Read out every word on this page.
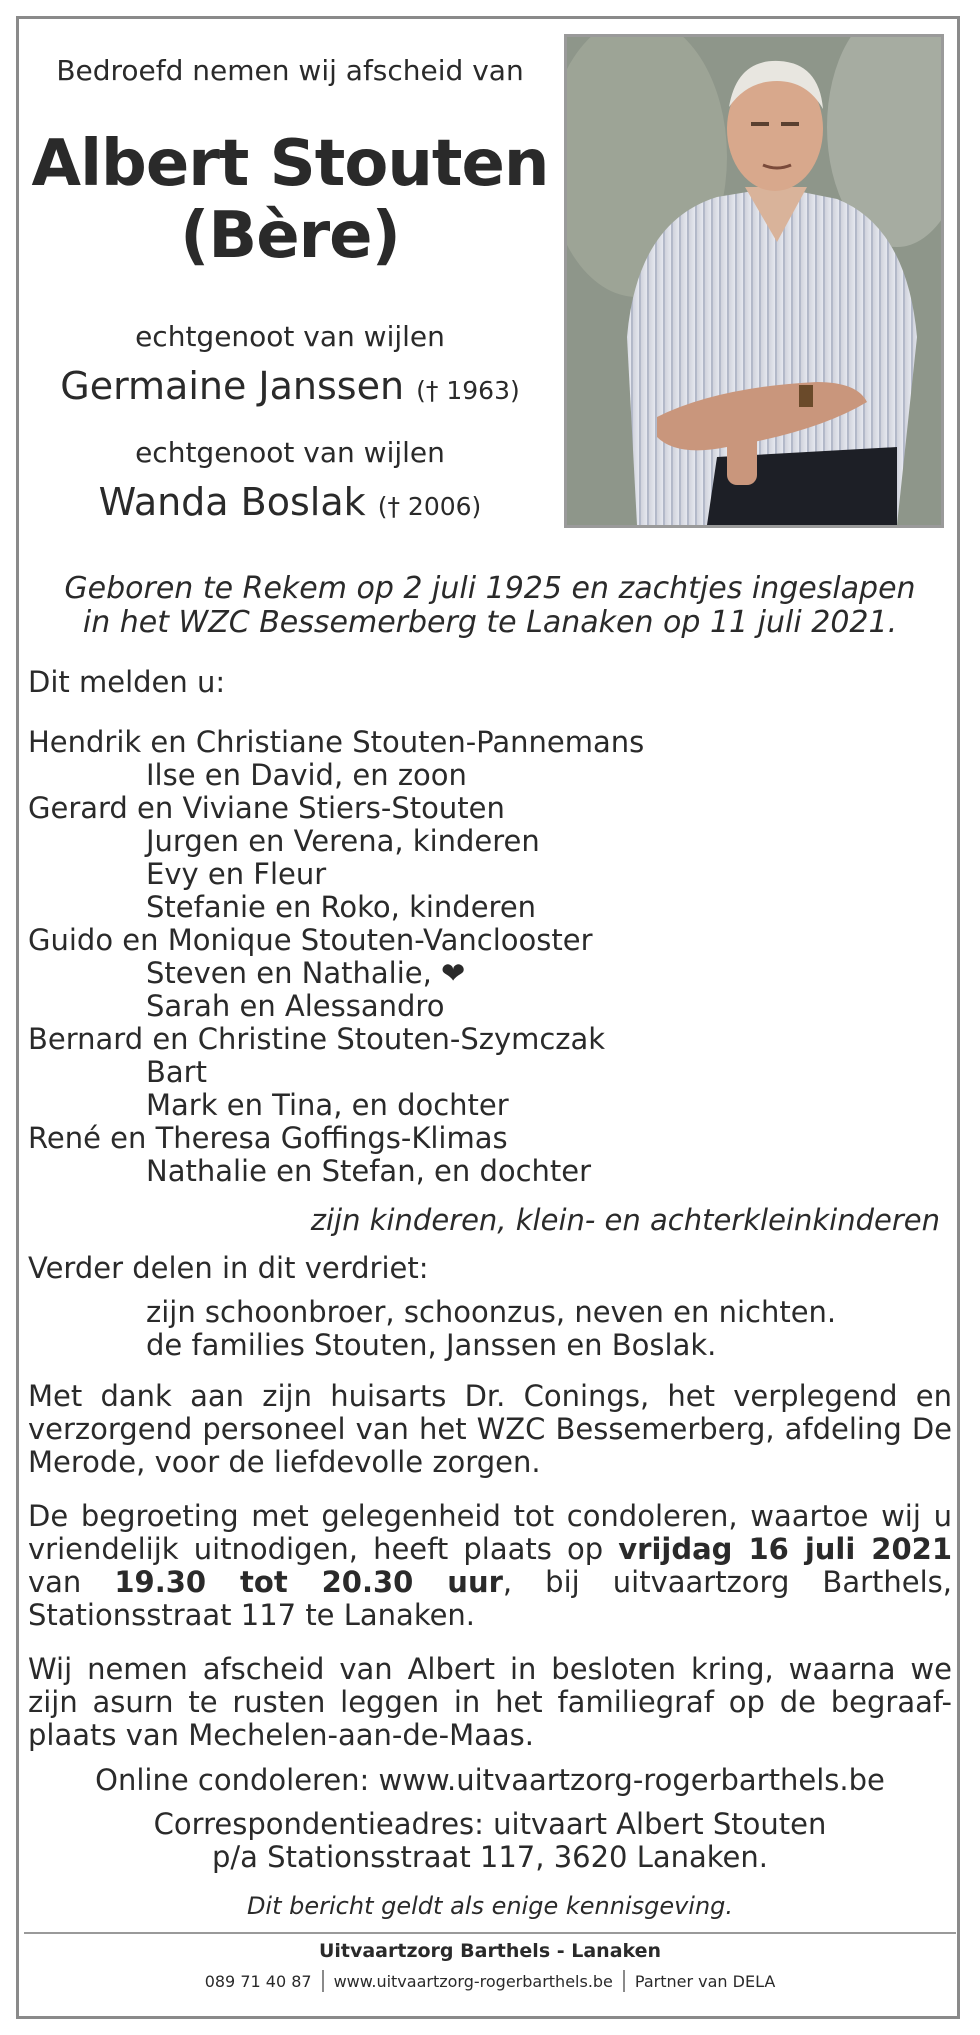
Bedroefd nemen wij afscheid van
Albert Stouten
(Bère)
echtgenoot van wijlen
Germaine Janssen († 1963)
echtgenoot van wijlen
Wanda Boslak († 2006)
Geboren te Rekem op 2 juli 1925 en zachtjes ingeslapen
in het WZC Bessemerberg te Lanaken op 11 juli 2021.
Dit melden u:
Hendrik en Christiane Stouten-Pannemans
Ilse en David, en zoon
Gerard en Viviane Stiers-Stouten
Jurgen en Verena, kinderen
Evy en Fleur
Stefanie en Roko, kinderen
Guido en Monique Stouten-Vanclooster
Steven en Nathalie, ❤
Sarah en Alessandro
Bernard en Christine Stouten-Szymczak
Bart
Mark en Tina, en dochter
René en Theresa Goffings-Klimas
Nathalie en Stefan, en dochter
zijn kinderen, klein- en achterkleinkinderen
Verder delen in dit verdriet:
zijn schoonbroer, schoonzus, neven en nichten.
de families Stouten, Janssen en Boslak.
Met dank aan zijn huisarts Dr. Conings, het verplegend en verzorgend personeel van het WZC Bessemerberg, afdeling De Merode, voor de liefdevolle zorgen.
De begroeting met gelegenheid tot condoleren, waartoe wij u vriendelijk uitnodigen, heeft plaats op vrijdag 16 juli 2021 van 19.30 tot 20.30 uur, bij uitvaartzorg Barthels, Stationsstraat 117 te Lanaken.
Wij nemen afscheid van Albert in besloten kring, waarna we zijn asurn te rusten leggen in het familiegraf op de begraaf-plaats van Mechelen-aan-de-Maas.
Online condoleren: www.uitvaartzorg-rogerbarthels.be
Correspondentieadres: uitvaart Albert Stouten
p/a Stationsstraat 117, 3620 Lanaken.
Dit bericht geldt als enige kennisgeving.
Uitvaartzorg Barthels - Lanaken
089 71 40 87 www.uitvaartzorg-rogerbarthels.be Partner van DELA
